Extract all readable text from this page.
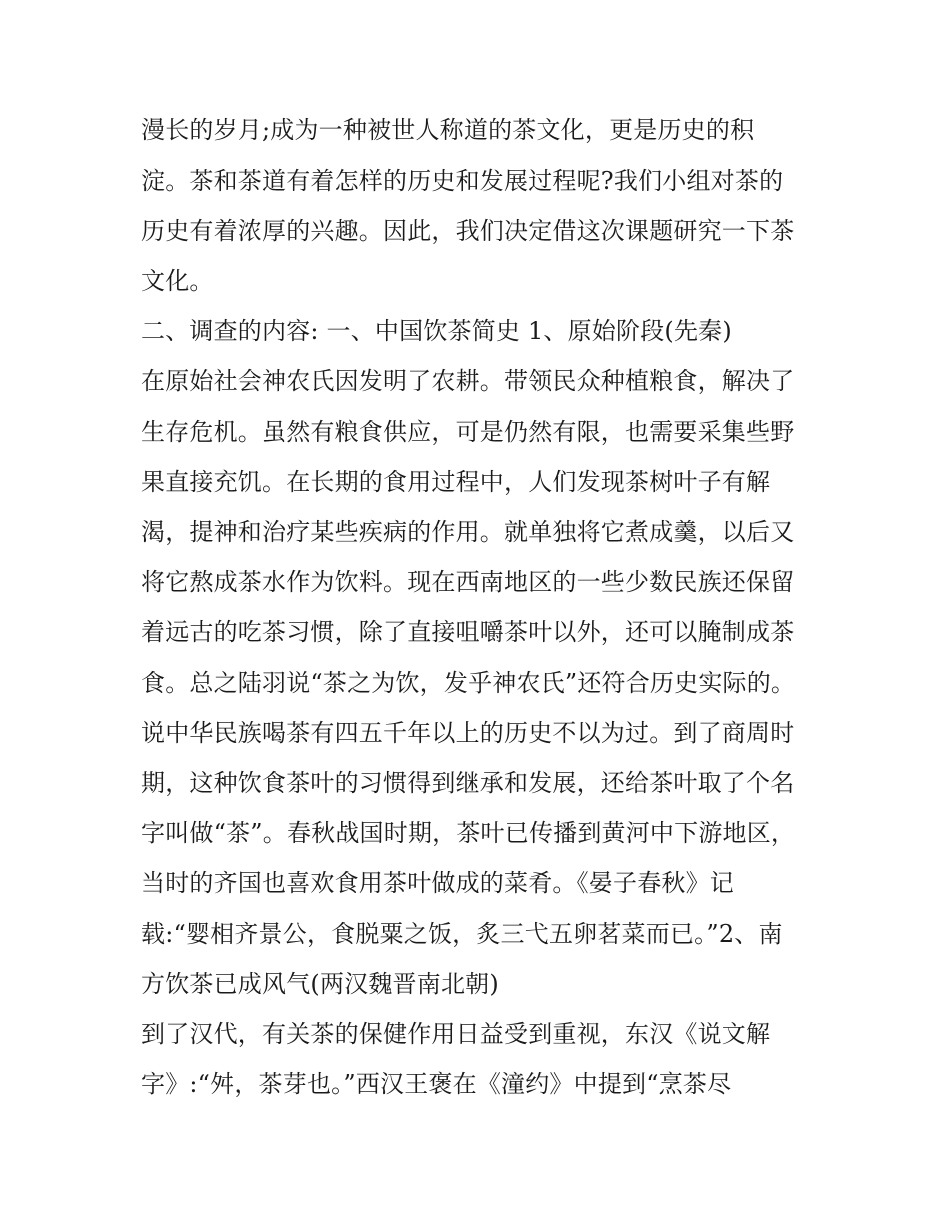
漫长的岁月;成为一种被世人称道的茶文化，更是历史的积
淀。茶和茶道有着怎样的历史和发展过程呢?我们小组对茶的
历史有着浓厚的兴趣。因此，我们决定借这次课题研究一下茶
文化。
二、调查的内容: 一、中国饮茶简史 1、原始阶段(先秦)
在原始社会神农氏因发明了农耕。带领民众种植粮食，解决了
生存危机。虽然有粮食供应，可是仍然有限，也需要采集些野
果直接充饥。在长期的食用过程中，人们发现茶树叶子有解
渴，提神和治疗某些疾病的作用。就单独将它煮成羹，以后又
将它熬成茶水作为饮料。现在西南地区的一些少数民族还保留
着远古的吃茶习惯，除了直接咀嚼茶叶以外，还可以腌制成茶
食。总之陆羽说“茶之为饮，发乎神农氏”还符合历史实际的。
说中华民族喝茶有四五千年以上的历史不以为过。到了商周时
期，这种饮食茶叶的习惯得到继承和发展，还给茶叶取了个名
字叫做“茶”。春秋战国时期，茶叶已传播到黄河中下游地区，
当时的齐国也喜欢食用茶叶做成的菜肴。《晏子春秋》记
载:“婴相齐景公，食脱粟之饭，炙三弋五卵茗菜而已。”2、南
方饮茶已成风气(两汉魏晋南北朝)
到了汉代，有关茶的保健作用日益受到重视，东汉《说文解
字》:“舛，茶芽也。”西汉王褒在《潼约》中提到“烹茶尽
